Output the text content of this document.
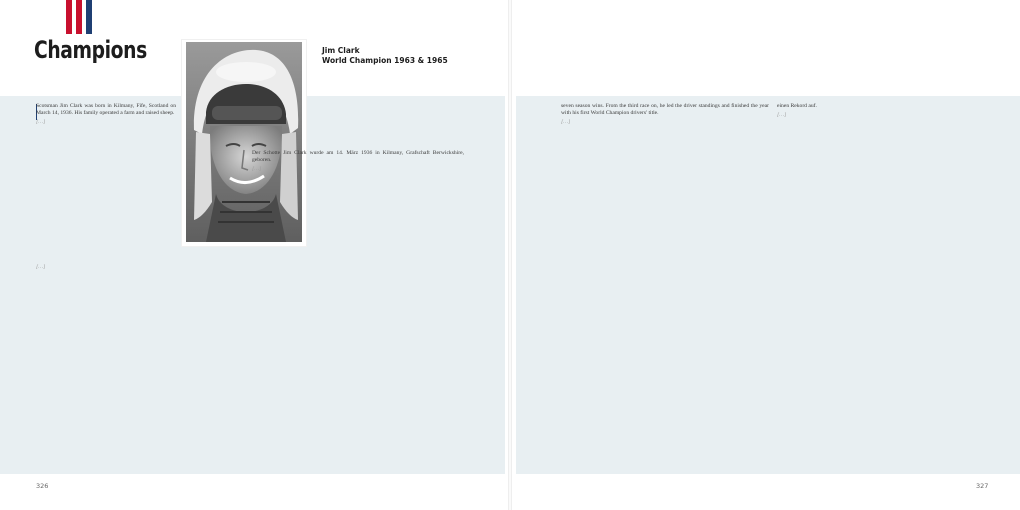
Champions	Jim Clark
World Champion 1963 & 1965

Scotsman Jim Clark was born in Kilmany, Fife, Scotland on March 14, 1936. His family operated a farm and raised sheep.

[…]
[…]

Der Schotte Jim Clark wurde am 14. März 1936 in Kilmany, Grafschaft Berwickshire, geboren.

[…]

seven season wins. From the third race on, he led the driver standings and finished the year with his first World Champion drivers' title.

[…]

einen Rekord auf.

[…]
326	327
